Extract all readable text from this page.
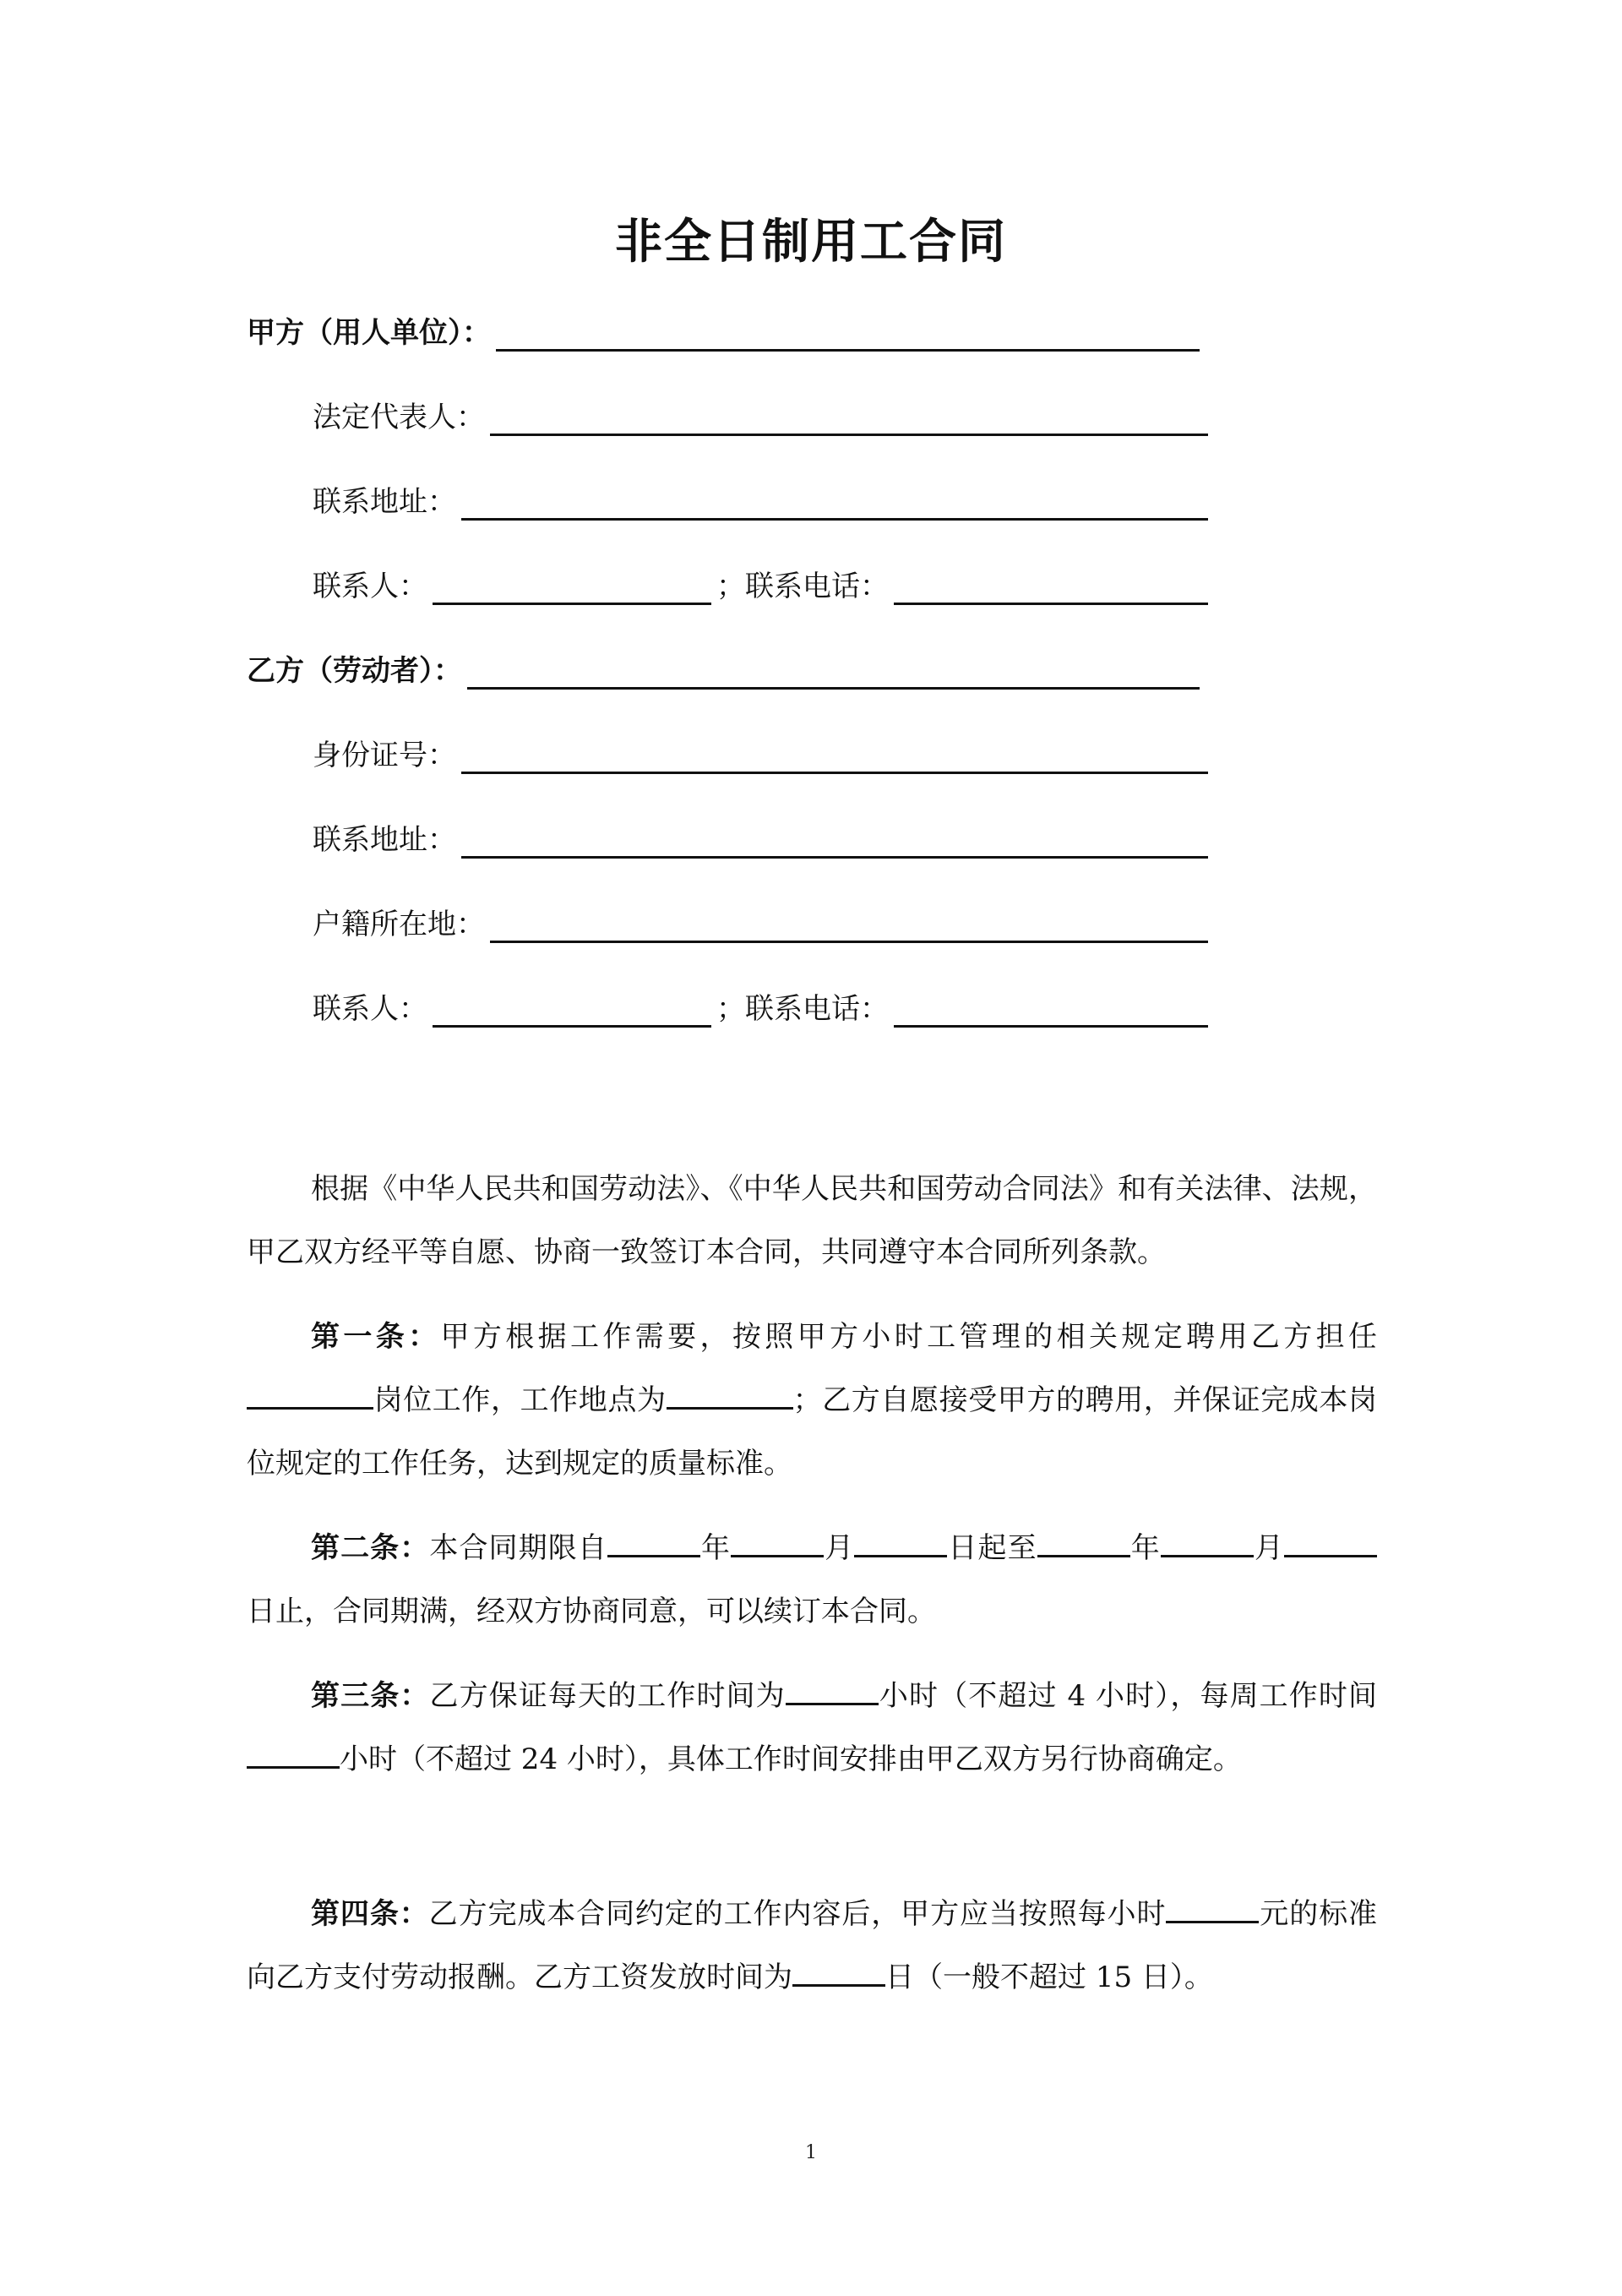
非全日制用工合同
甲方（用人单位）：
法定代表人：
联系地址：
联系人：	；联系电话：
乙方（劳动者）：
身份证号：
联系地址：
户籍所在地：
联系人：	；联系电话：

根据《中华人民共和国劳动法》、《中华人民共和国劳动合同法》和有关法律、法规，甲乙双方经平等自愿、协商一致签订本合同，共同遵守本合同所列条款。

第一条：甲方根据工作需要，按照甲方小时工管理的相关规定聘用乙方担任岗位工作，工作地点为	；乙方自愿接受甲方的聘用，并保证完成本岗位规定的工作任务，达到规定的质量标准。

第二条：本合同期限自	年	月	日起至	年	月日止，合同期满，经双方协商同意，可以续订本合同。

第三条：乙方保证每天的工作时间为	小时（不超过 4 小时），每周工作时间小时（不超过 24 小时），具体工作时间安排由甲乙双方另行协商确定。

第四条：乙方完成本合同约定的工作内容后，甲方应当按照每小时	元的标准向乙方支付劳动报酬。乙方工资发放时间为	日（一般不超过 15 日）。

1
